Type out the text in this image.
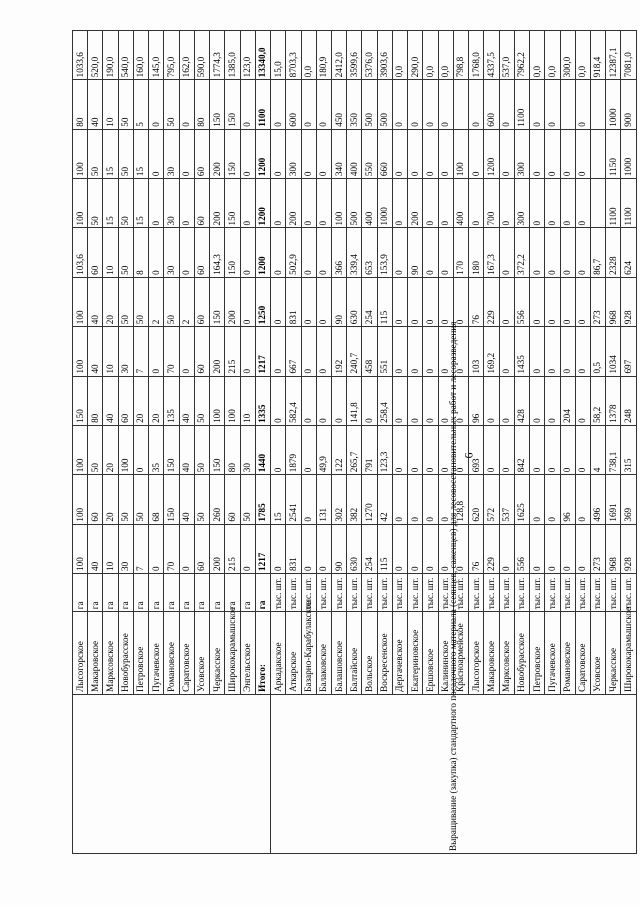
6
	Лысогорское	га	100	100	100	150	100	100	103,6	100	100	80	1033,6
	Макаровское	га	40	60	50	80	40	40	60	50	50	40	520,0
	Марксовское	га	10	20	20	40	10	20	10	15	15	10	190,0
	Новобурасское	га	30	50	100	60	30	50	50	50	50	50	540,0
	Петровское	га	7	50	0	20	7	50	8	15	15	5	160,0
	Пугачевское	га	0	68	35	20	0	2	0	0	0	0	145,0
	Романовское	га	70	150	150	135	70	50	30	30	30	50	795,0
	Саратовское	га	0	40	40	40	0	2	0	0	0	0	162,0
	Усовское	га	60	50	50	50	60	60	60	60	60	80	590,0
	Черкасское	га	200	260	150	100	200	150	164,3	200	200	150	1774,3
	Ширококарамышское	га	215	60	80	100	215	200	150	150	150	150	1385,0
	Энгельсское	га	0	50	30	10	0	0	0	0	0	0	123,0
	Итого:	га	1217	1785	1440	1335	1217	1250	1200	1200	1200	1100	13340,0
Выращивание (закупка) стандартного посадочного материала (сеянцев, саженцев) для лесовосстановительных работ и лесоразведения	Аркадакское	тыс. шт.	0	15	0	0	0	0	0	0	0	0	15,0
	Аткарское	тыс. шт.	831	2541	1879	582,4	667	831	502,9	200	300	600	8703,3
	Базарно-Карабулакское	тыс. шт.	0	0	0	0	0	0	0	0	0	0	0,0
	Балаковское	тыс. шт.	0	131	49,9	0	0	0	0	0	0	0	180,9
	Балашовское	тыс. шт.	90	302	122	0	192	90	366	100	340	450	2412,0
	Балтайское	тыс. шт.	630	382	265,7	141,8	240,7	630	339,4	500	400	350	3599,6
	Вольское	тыс. шт.	254	1270	791	0	458	254	653	400	550	500	5376,0
	Воскресенское	тыс. шт.	115	42	123,3	258,4	551	115	153,9	1000	660	500	3903,6
	Дергачевское	тыс. шт.	0	0	0	0	0	0	0	0	0	0	0,0
	Екатериновское	тыс. шт.	0	0	0	0	0	0	90	200	0	0	290,0
	Ершовское	тыс. шт.	0	0	0	0	0	0	0	0	0	0	0,0
	Калининское	тыс. шт.	0	0	0	0	0	0	0	0	0	0	0,0
	Красноармейское	тыс. шт.	0	128,8	0	0	0	0	170	400	100		798,8
	Лысогорское	тыс. шт.	76	620	693	96	103	76	180	0	0	0	1768,0
	Макаровское	тыс. шт.	229	572	0	0	169,2	229	167,3	700	1200	600	4337,5
	Марксовское	тыс. шт.	0	537	0	0	0	0	0	0	0	0	537,0
	Новобурасское	тыс. шт.	556	1625	842	428	1435	556	372,2	300	300	1100	7962,2
	Петровское	тыс. шт.	0	0	0	0	0	0	0	0	0	0	0,0
	Пугачевское	тыс. шт.	0	0	0	0	0	0	0	0	0	0	0,0
	Романовское	тыс. шт.	0	96	0	204	0	0	0	0	0		300,0
	Саратовское	тыс. шт.	0	0	0	0	0	0	0	0	0	0	0,0
	Усовское	тыс. шт.	273	496	4	58,2	0,5	273	86,7				918,4
	Черкасское	тыс. шт.	968	1691	738,1	1378	1034	968	2328	1100	1150	1000	12387,1
	Ширококарамышское	тыс. шт.	928	369	315	248	697	928	624	1100	1000	900	7081,0
